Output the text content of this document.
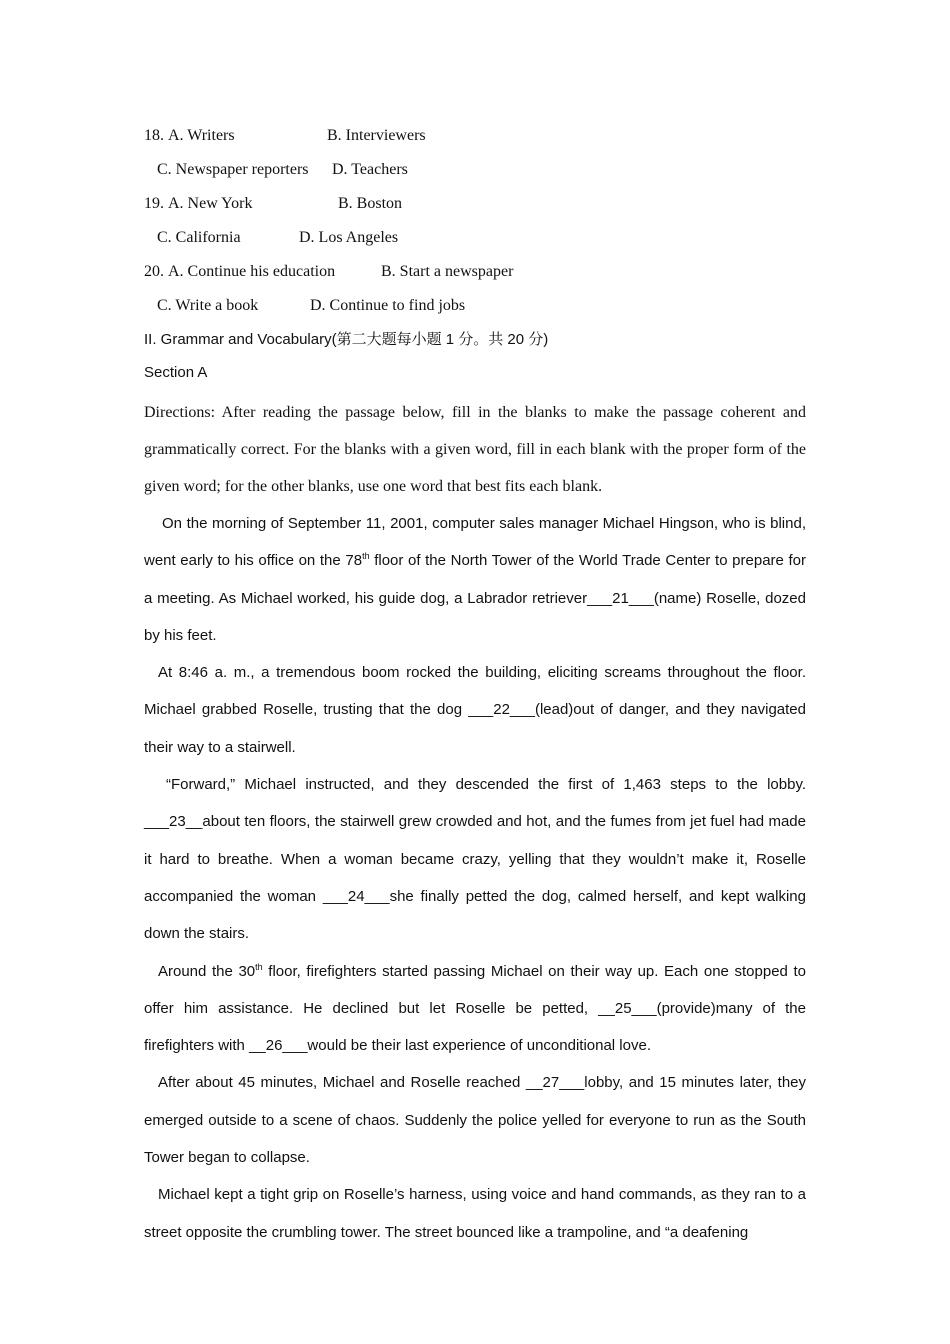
18. A. Writers	B. Interviewers
C. Newspaper reporters D. Teachers
19. A. New York	B. Boston
C. California	D. Los Angeles
20. A. Continue his education	B. Start a newspaper
C. Write a book	D. Continue to find jobs
II. Grammar and Vocabulary(第二大题每小题 1 分。共 20 分)
Section A

Directions: After reading the passage below, fill in the blanks to make the passage coherent and grammatically correct. For the blanks with a given word, fill in each blank with the proper form of the given word; for the other blanks, use one word that best fits each blank.

On the morning of September 11, 2001, computer sales manager Michael Hingson, who is blind, went early to his office on the 78th floor of the North Tower of the World Trade Center to prepare for a meeting. As Michael worked, his guide dog, a Labrador retriever___21___(name) Roselle, dozed by his feet.

At 8:46 a. m., a tremendous boom rocked the building, eliciting screams throughout the floor. Michael grabbed Roselle, trusting that the dog ___22___(lead)out of danger, and they navigated their way to a stairwell.

“Forward,” Michael instructed, and they descended the first of 1,463 steps to the lobby. ___23__about ten floors, the stairwell grew crowded and hot, and the fumes from jet fuel had made it hard to breathe. When a woman became crazy, yelling that they wouldn’t make it, Roselle accompanied the woman ___24___she finally petted the dog, calmed herself, and kept walking down the stairs.

Around the 30th floor, firefighters started passing Michael on their way up. Each one stopped to offer him assistance. He declined but let Roselle be petted, __25___(provide)many of the firefighters with __26___would be their last experience of unconditional love.

After about 45 minutes, Michael and Roselle reached __27___lobby, and 15 minutes later, they emerged outside to a scene of chaos. Suddenly the police yelled for everyone to run as the South Tower began to collapse.

Michael kept a tight grip on Roselle’s harness, using voice and hand commands, as they ran to a street opposite the crumbling tower. The street bounced like a trampoline, and “a deafening
